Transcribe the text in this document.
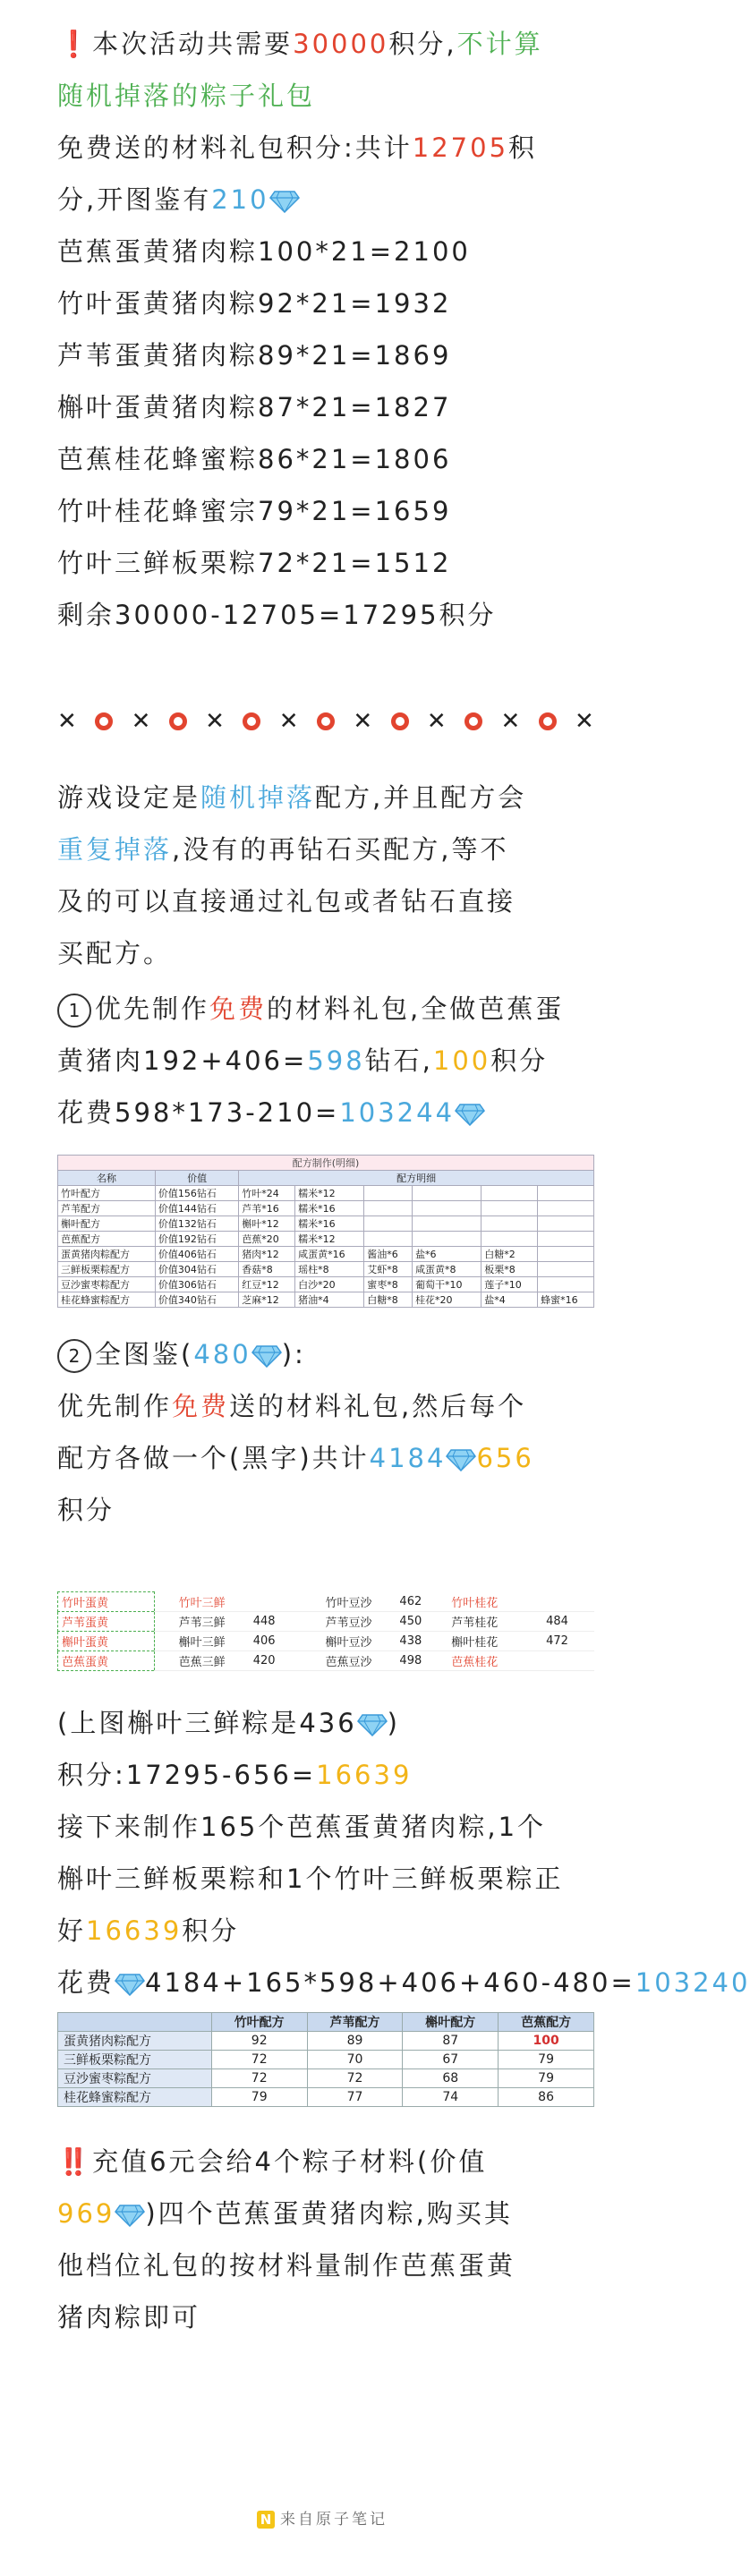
❗本次活动共需要30000积分,不计算
随机掉落的粽子礼包
免费送的材料礼包积分:共计12705积
分,开图鉴有210
芭蕉蛋黄猪肉粽100*21=2100
竹叶蛋黄猪肉粽92*21=1932
芦苇蛋黄猪肉粽89*21=1869
槲叶蛋黄猪肉粽87*21=1827
芭蕉桂花蜂蜜粽86*21=1806
竹叶桂花蜂蜜宗79*21=1659
竹叶三鲜板栗粽72*21=1512
剩余30000-12705=17295积分
✕ ✕ ✕ ✕ ✕ ✕ ✕ ✕
游戏设定是随机掉落配方,并且配方会
重复掉落,没有的再钻石买配方,等不
及的可以直接通过礼包或者钻石直接
买配方。
1 优先制作免费的材料礼包,全做芭蕉蛋
黄猪肉192+406=598钻石,100积分
花费598*173-210=103244
配方制作(明细)							
名称	价值	配方明细					
竹叶配方	价值156钻石	竹叶*24	糯米*12				
芦苇配方	价值144钻石	芦苇*16	糯米*16				
槲叶配方	价值132钻石	槲叶*12	糯米*16				
芭蕉配方	价值192钻石	芭蕉*20	糯米*12				
蛋黄猪肉粽配方	价值406钻石	猪肉*12	咸蛋黄*16	酱油*6	盐*6	白糖*2	
三鲜板栗粽配方	价值304钻石	香菇*8	瑶柱*8	艾虾*8	咸蛋黄*8	板栗*8	
豆沙蜜枣粽配方	价值306钻石	红豆*12	白沙*20	蜜枣*8	葡萄干*10	莲子*10	
桂花蜂蜜粽配方	价值340钻石	芝麻*12	猪油*4	白糖*8	桂花*20	盐*4	蜂蜜*16
2 全图鉴(480 ):
优先制作免费送的材料礼包,然后每个
配方各做一个(黑字)共计4184 656
积分
竹叶蛋黄	竹叶三鲜		竹叶豆沙	462	竹叶桂花	
芦苇蛋黄	芦苇三鲜	448	芦苇豆沙	450	芦苇桂花	484
槲叶蛋黄	槲叶三鲜	406	槲叶豆沙	438	槲叶桂花	472
芭蕉蛋黄	芭蕉三鲜	420	芭蕉豆沙	498	芭蕉桂花	
(上图槲叶三鲜粽是436 )
积分:17295-656=16639
接下来制作165个芭蕉蛋黄猪肉粽,1个
槲叶三鲜板栗粽和1个竹叶三鲜板栗粽正
好16639积分
花费 4184+165*598+406+460-480=103240
	竹叶配方	芦苇配方	槲叶配方	芭蕉配方
蛋黄猪肉粽配方	92	89	87	100
三鲜板栗粽配方	72	70	67	79
豆沙蜜枣粽配方	72	72	68	79
桂花蜂蜜粽配方	79	77	74	86
‼️充值6元会给4个粽子材料(价值
969 )四个芭蕉蛋黄猪肉粽,购买其
他档位礼包的按材料量制作芭蕉蛋黄
猪肉粽即可
N 来自原子笔记
